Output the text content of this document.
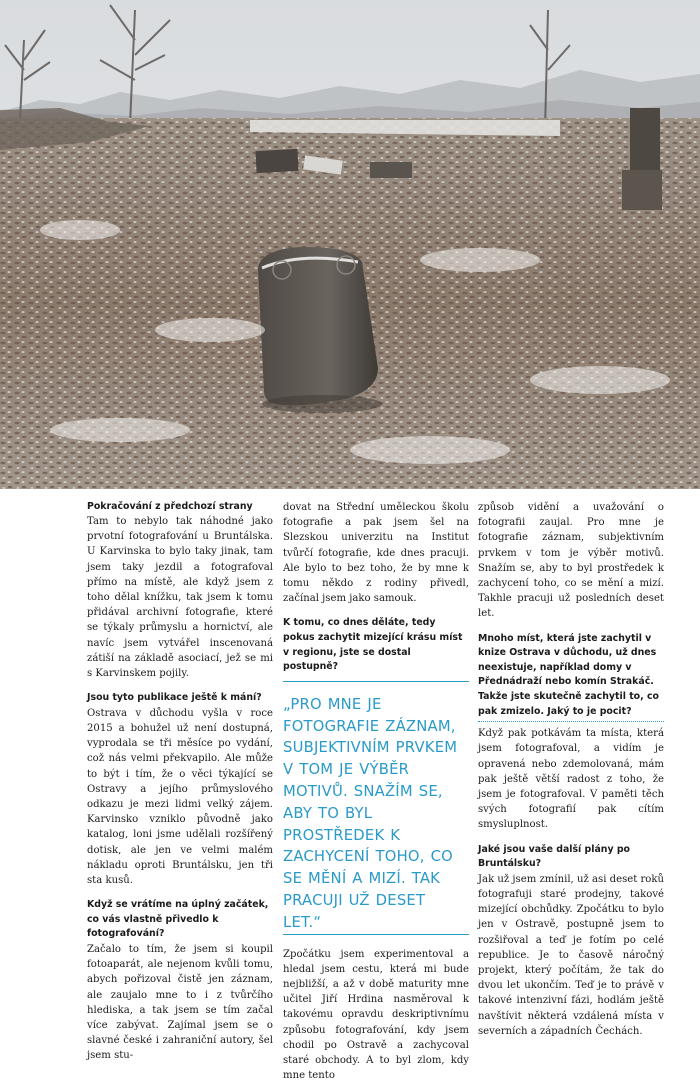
Pokračování z předchozí strany

Tam to nebylo tak náhodné jako prvotní fotografování u Bruntálska. U Karvinska to bylo taky jinak, tam jsem taky jezdil a fotografoval přímo na místě, ale když jsem z toho dělal knížku, tak jsem k tomu přidával archivní fotografie, které se týkaly průmyslu a hornictví, ale navíc jsem vytvářel inscenovaná zátiší na základě asociací, jež se mi s Karvinskem pojily.

Jsou tyto publikace ještě k mání?

Ostrava v důchodu vyšla v roce 2015 a bohužel už není dostupná, vyprodala se tři měsíce po vydání, což nás velmi překvapilo. Ale může to být i tím, že o věci týkající se Ostravy a jejího průmyslového odkazu je mezi lidmi velký zájem. Karvinsko vzniklo původně jako katalog, loni jsme udělali rozšířený dotisk, ale jen ve velmi malém nákladu oproti Bruntálsku, jen tři sta kusů.

Když se vrátíme na úplný začátek, co vás vlastně přivedlo k fotografování?

Začalo to tím, že jsem si koupil fotoaparát, ale nejenom kvůli tomu, abych pořizoval čistě jen záznam, ale zaujalo mne to i z tvůrčího hlediska, a tak jsem se tím začal více zabývat. Zajímal jsem se o slavné české i zahraniční autory, šel jsem stu-

dovat na Střední uměleckou školu fotografie a pak jsem šel na Slezskou univerzitu na Institut tvůrčí fotografie, kde dnes pracuji. Ale bylo to bez toho, že by mne k tomu někdo z rodiny přivedl, začínal jsem jako samouk.

K tomu, co dnes děláte, tedy pokus zachytit mizející krásu míst v regionu, jste se dostal postupně?

„PRO MNE JE FOTOGRAFIE ZÁZNAM, SUBJEKTIVNÍM PRVKEM V TOM JE VÝBĚR MOTIVŮ. SNAŽÍM SE, ABY TO BYL PROSTŘEDEK K ZACHYCENÍ TOHO, CO SE MĚNÍ A MIZÍ. TAK PRACUJI UŽ DESET LET.“

Zpočátku jsem experimentoval a hledal jsem cestu, která mi bude nejbližší, a až v době maturity mne učitel Jiří Hrdina nasměroval k takovému opravdu deskriptivnímu způsobu fotografování, kdy jsem chodil po Ostravě a zachycoval staré obchody. A to byl zlom, kdy mne tento

způsob vidění a uvažování o fotografii zaujal. Pro mne je fotografie záznam, subjektivním prvkem v tom je výběr motivů. Snažím se, aby to byl prostředek k zachycení toho, co se mění a mizí. Takhle pracuji už posledních deset let.

Mnoho míst, která jste zachytil v knize Ostrava v důchodu, už dnes neexistuje, například domy v Přednádraží nebo komín Strakáč. Takže jste skutečně zachytil to, co pak zmizelo. Jaký to je pocit?

Když pak potkávám ta místa, která jsem fotografoval, a vidím je opravená nebo zdemolovaná, mám pak ještě větší radost z toho, že jsem je fotografoval. V paměti těch svých fotografií pak cítím smysluplnost.

Jaké jsou vaše další plány po Bruntálsku?

Jak už jsem zmínil, už asi deset roků fotografuji staré prodejny, takové mizející obchůdky. Zpočátku to bylo jen v Ostravě, postupně jsem to rozšiřoval a teď je fotím po celé republice. Je to časově náročný projekt, který počítám, že tak do dvou let ukončím. Teď je to právě v takové intenzivní fázi, hodlám ještě navštívit některá vzdálená místa v severních a západních Čechách.
